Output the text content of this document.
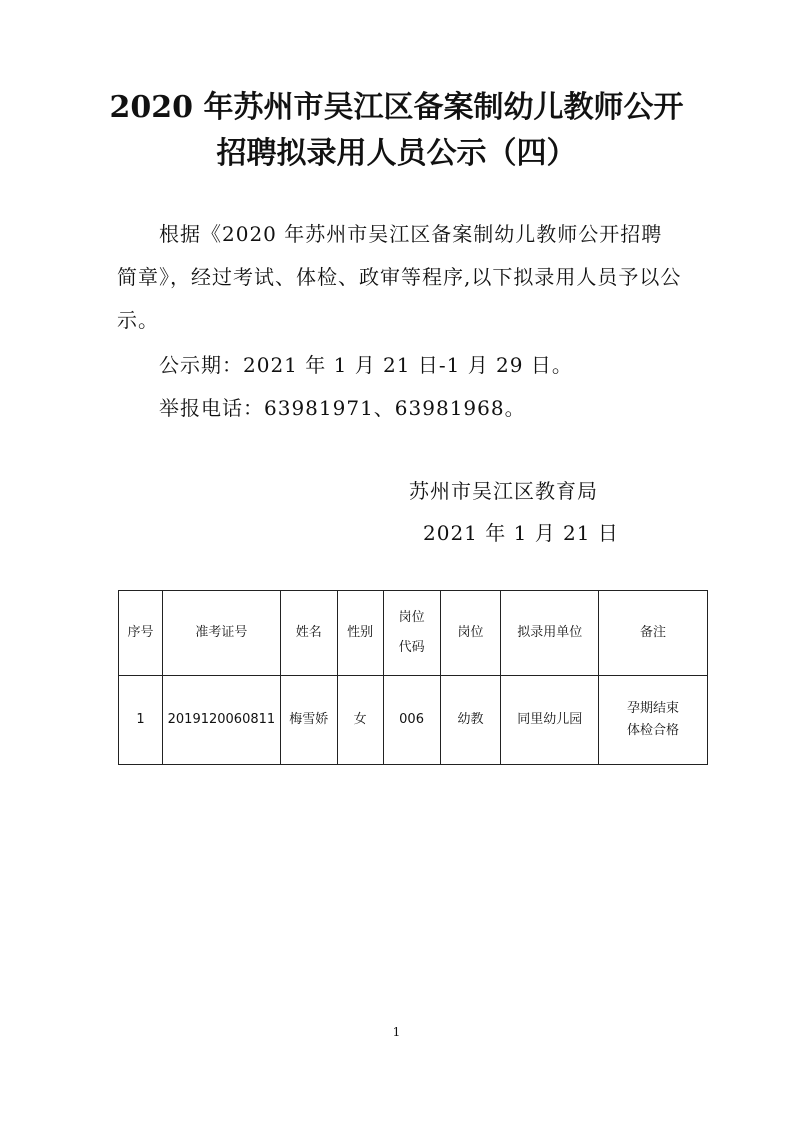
2020 年苏州市吴江区备案制幼儿教师公开
招聘拟录用人员公示（四）

根据《2020 年苏州市吴江区备案制幼儿教师公开招聘简章》，经过考试、体检、政审等程序,以下拟录用人员予以公示。

公示期：2021 年 1 月 21 日-1 月 29 日。

举报电话：63981971、63981968。

苏州市吴江区教育局

2021 年 1 月 21 日

序号	准考证号	姓名	性别	岗位代码	岗位	拟录用单位	备注
1	2019120060811	梅雪娇	女	006	幼教	同里幼儿园	孕期结束体检合格
1
